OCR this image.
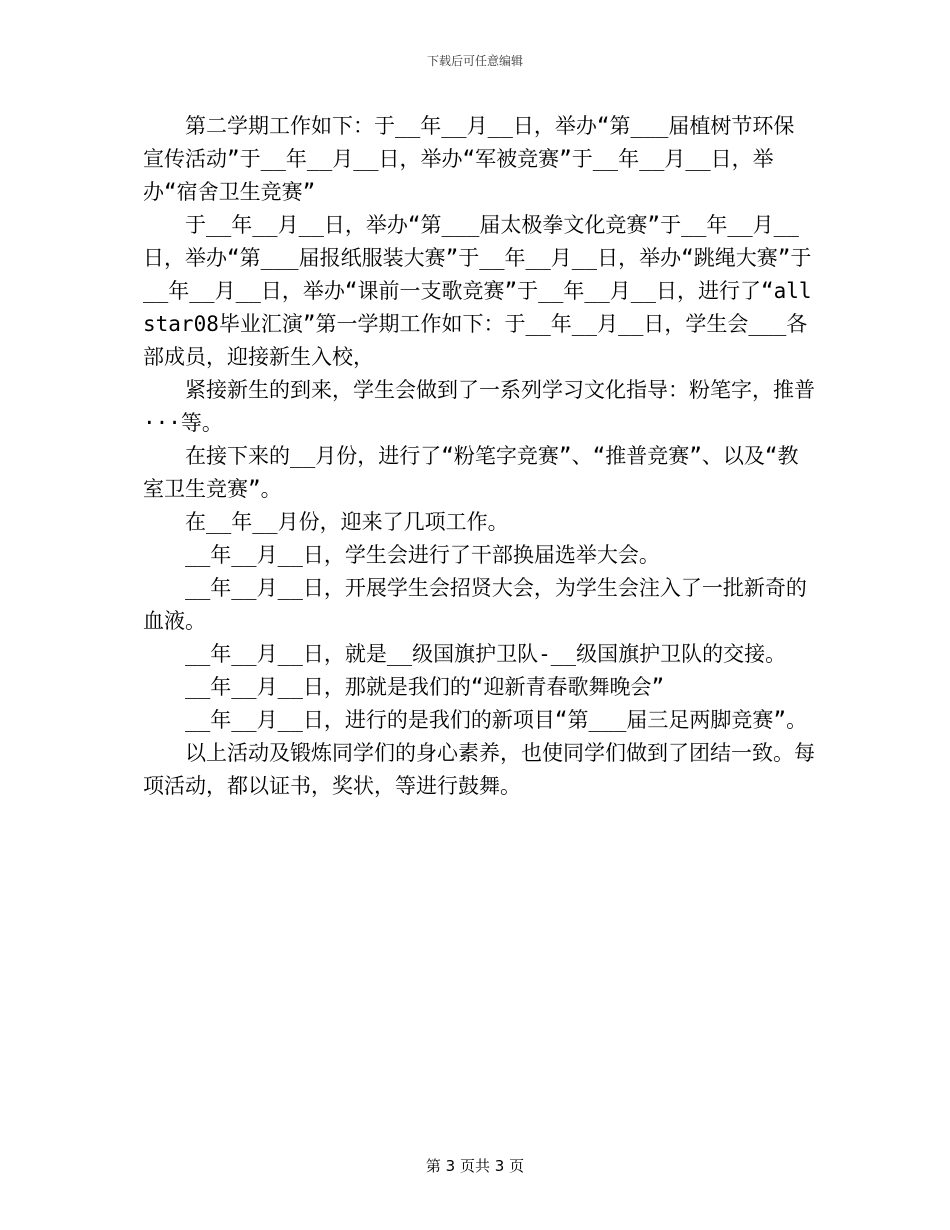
下载后可任意编辑

第二学期工作如下：于__年__月__日，举办“第___届植树节环保宣传活动”于__年__月__日，举办“军被竞赛”于__年__月__日，举办“宿舍卫生竞赛”

于__年__月__日，举办“第___届太极拳文化竞赛”于__年__月__日，举办“第___届报纸服装大赛”于__年__月__日，举办“跳绳大赛”于__年__月__日，举办“课前一支歌竞赛”于__年__月__日，进行了“allstar08毕业汇演”第一学期工作如下：于__年__月__日，学生会___各部成员，迎接新生入校，

紧接新生的到来，学生会做到了一系列学习文化指导：粉笔字，推普···等。

在接下来的__月份，进行了“粉笔字竞赛”、“推普竞赛”、以及“教室卫生竞赛”。

在__年__月份，迎来了几项工作。

__年__月__日，学生会进行了干部换届选举大会。

__年__月__日，开展学生会招贤大会，为学生会注入了一批新奇的血液。

__年__月__日，就是__级国旗护卫队-__级国旗护卫队的交接。

__年__月__日，那就是我们的“迎新青春歌舞晚会”

__年__月__日，进行的是我们的新项目“第___届三足两脚竞赛”。

以上活动及锻炼同学们的身心素养，也使同学们做到了团结一致。每项活动，都以证书，奖状，等进行鼓舞。

第 3 页共 3 页
